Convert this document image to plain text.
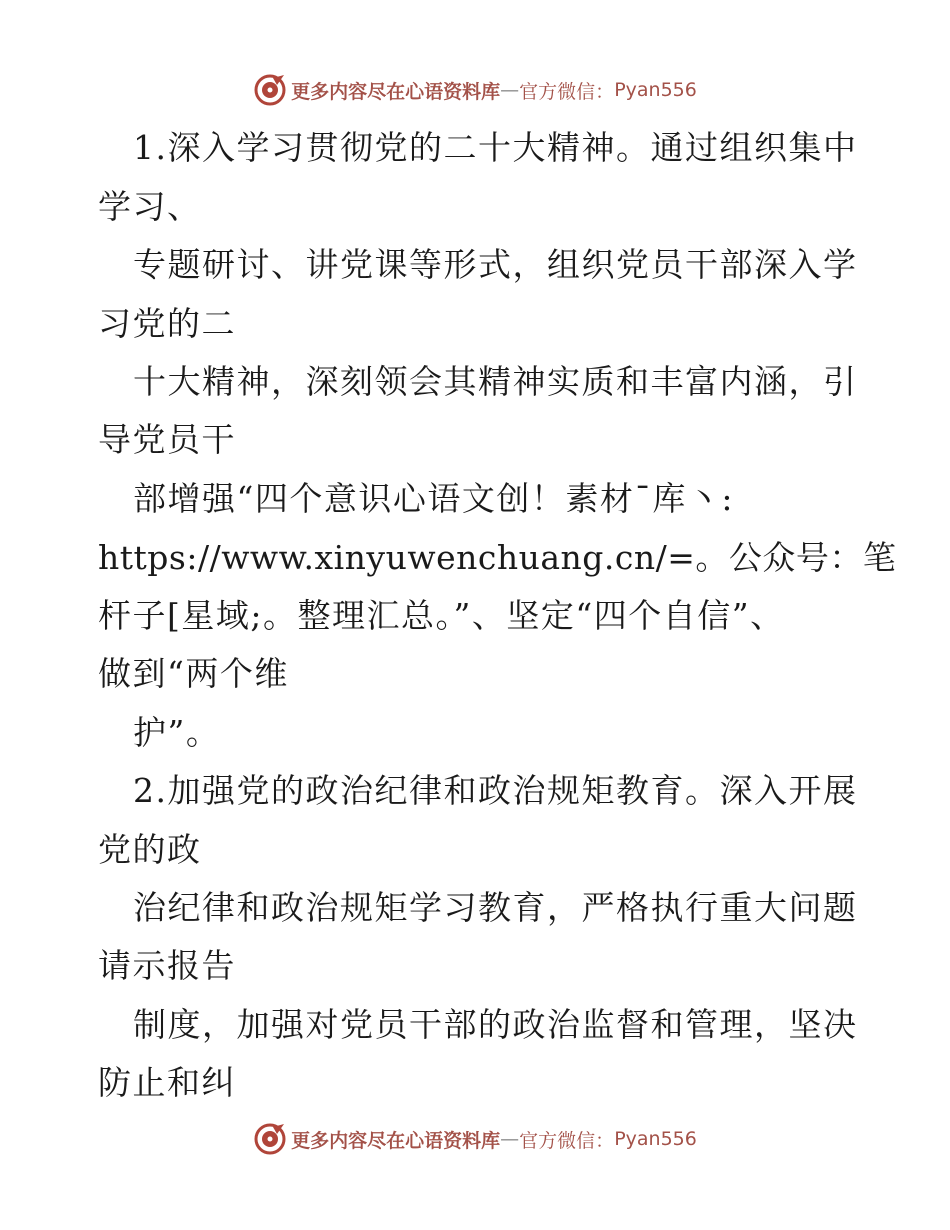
更多内容尽在心语资料库 — 官方微信： Pyan556
1.深入学习贯彻党的二十大精神。通过组织集中
学习、
专题研讨、讲党课等形式，组织党员干部深入学
习党的二
十大精神，深刻领会其精神实质和丰富内涵，引
导党员干
部增强“四个意识心语文创！素材¯库丶:
https://www.xinyuwenchuang.cn/=。公众号：笔
杆子[星域;。整理汇总。”、坚定“四个自信”、
做到“两个维
护”。
2.加强党的政治纪律和政治规矩教育。深入开展
党的政
治纪律和政治规矩学习教育，严格执行重大问题
请示报告
制度，加强对党员干部的政治监督和管理，坚决
防止和纠
更多内容尽在心语资料库 — 官方微信： Pyan556
